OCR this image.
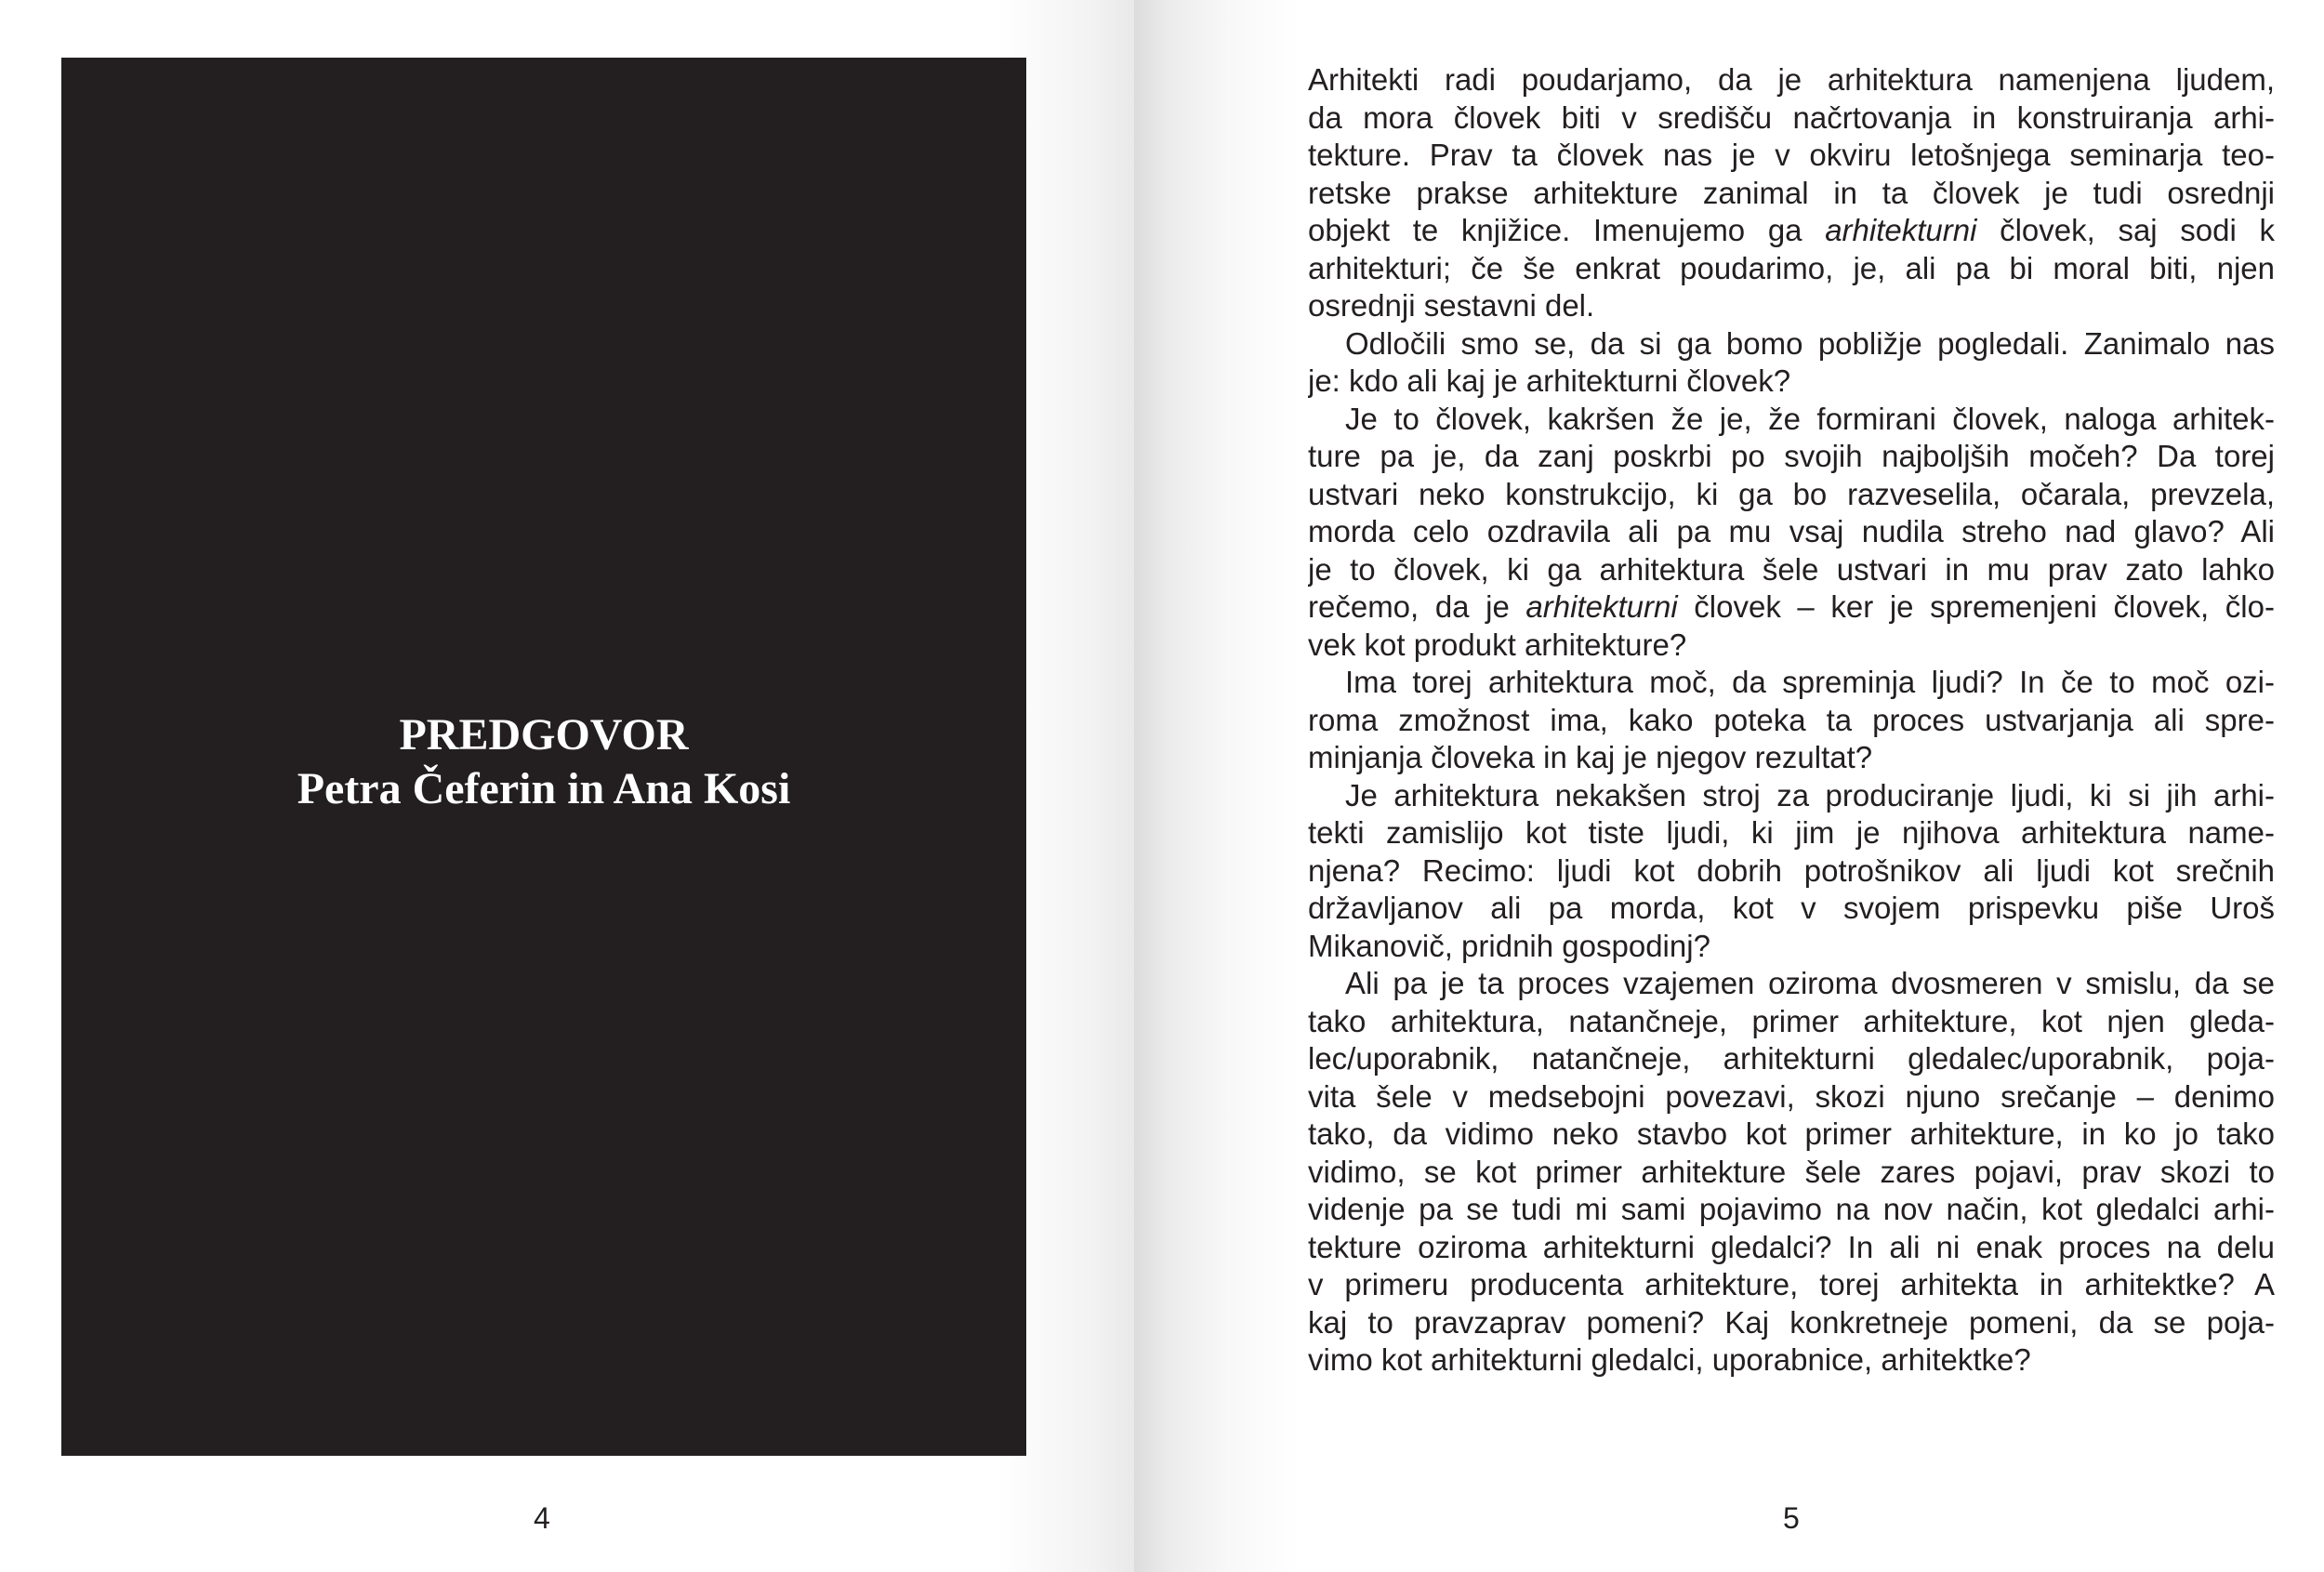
PREDGOVOR
Petra Čeferin in Ana Kosi
4
Arhitekti radi poudarjamo, da je arhitektura namenjena ljudem,
da mora človek biti v središču načrtovanja in konstruiranja arhi-
tekture. Prav ta človek nas je v okviru letošnjega seminarja teo-
retske prakse arhitekture zanimal in ta človek je tudi osrednji
objekt te knjižice. Imenujemo ga arhitekturni človek, saj sodi k
arhitekturi; če še enkrat poudarimo, je, ali pa bi moral biti, njen
osrednji sestavni del.
Odločili smo se, da si ga bomo pobližje pogledali. Zanimalo nas
je: kdo ali kaj je arhitekturni človek?
Je to človek, kakršen že je, že formirani človek, naloga arhitek-
ture pa je, da zanj poskrbi po svojih najboljših močeh? Da torej
ustvari neko konstrukcijo, ki ga bo razveselila, očarala, prevzela,
morda celo ozdravila ali pa mu vsaj nudila streho nad glavo? Ali
je to človek, ki ga arhitektura šele ustvari in mu prav zato lahko
rečemo, da je arhitekturni človek – ker je spremenjeni človek, člo-
vek kot produkt arhitekture?
Ima torej arhitektura moč, da spreminja ljudi? In če to moč ozi-
roma zmožnost ima, kako poteka ta proces ustvarjanja ali spre-
minjanja človeka in kaj je njegov rezultat?
Je arhitektura nekakšen stroj za produciranje ljudi, ki si jih arhi-
tekti zamislijo kot tiste ljudi, ki jim je njihova arhitektura name-
njena? Recimo: ljudi kot dobrih potrošnikov ali ljudi kot srečnih
državljanov ali pa morda, kot v svojem prispevku piše Uroš
Mikanovič, pridnih gospodinj?
Ali pa je ta proces vzajemen oziroma dvosmeren v smislu, da se
tako arhitektura, natančneje, primer arhitekture, kot njen gleda-
lec/uporabnik, natančneje, arhitekturni gledalec/uporabnik, poja-
vita šele v medsebojni povezavi, skozi njuno srečanje – denimo
tako, da vidimo neko stavbo kot primer arhitekture, in ko jo tako
vidimo, se kot primer arhitekture šele zares pojavi, prav skozi to
videnje pa se tudi mi sami pojavimo na nov način, kot gledalci arhi-
tekture oziroma arhitekturni gledalci? In ali ni enak proces na delu
v primeru producenta arhitekture, torej arhitekta in arhitektke? A
kaj to pravzaprav pomeni? Kaj konkretneje pomeni, da se poja-
vimo kot arhitekturni gledalci, uporabnice, arhitektke?
5
